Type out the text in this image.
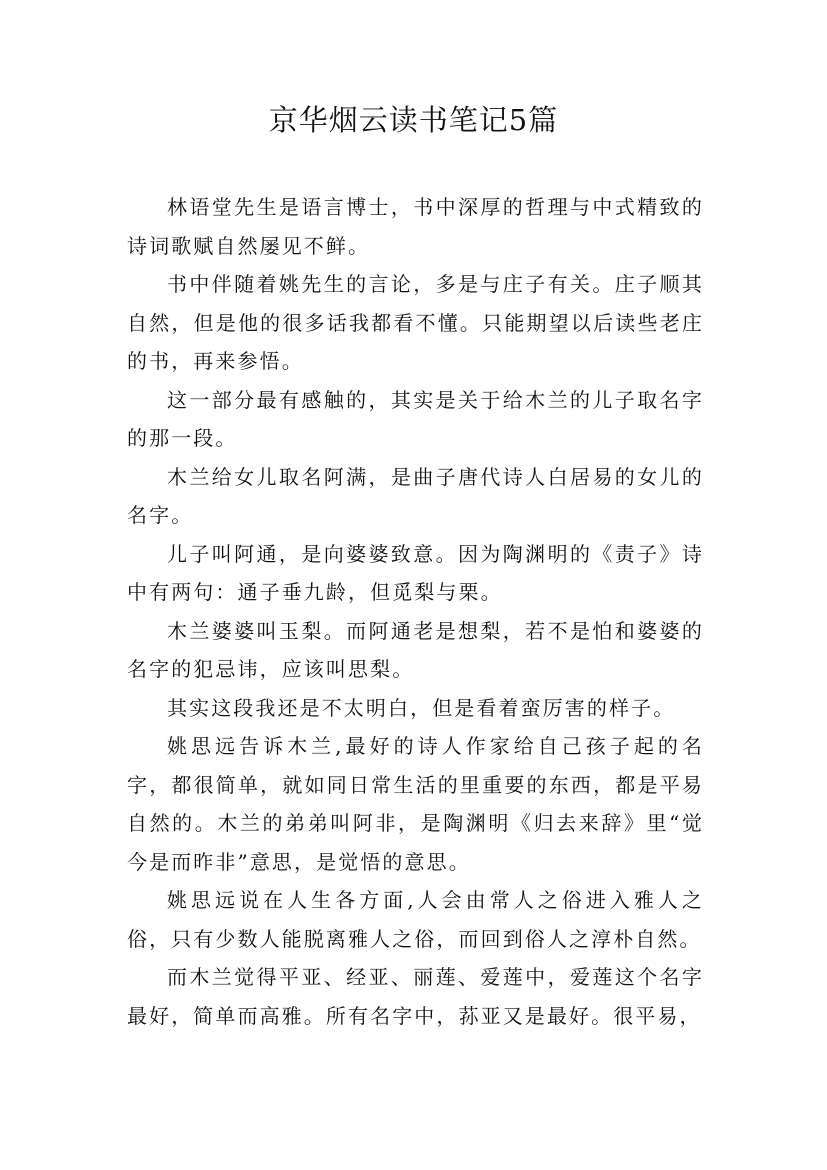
京华烟云读书笔记5篇

林语堂先生是语言博士，书中深厚的哲理与中式精致的诗词歌赋自然屡见不鲜。

书中伴随着姚先生的言论，多是与庄子有关。庄子顺其自然，但是他的很多话我都看不懂。只能期望以后读些老庄的书，再来参悟。

这一部分最有感触的，其实是关于给木兰的儿子取名字的那一段。

木兰给女儿取名阿满，是曲子唐代诗人白居易的女儿的名字。

儿子叫阿通，是向婆婆致意。因为陶渊明的《责子》诗中有两句：通子垂九龄，但觅梨与栗。

木兰婆婆叫玉梨。而阿通老是想梨，若不是怕和婆婆的名字的犯忌讳，应该叫思梨。

其实这段我还是不太明白，但是看着蛮厉害的样子。

姚思远告诉木兰,最好的诗人作家给自己孩子起的名字，都很简单，就如同日常生活的里重要的东西，都是平易自然的。木兰的弟弟叫阿非，是陶渊明《归去来辞》里“觉今是而昨非”意思，是觉悟的意思。

姚思远说在人生各方面,人会由常人之俗进入雅人之俗，只有少数人能脱离雅人之俗，而回到俗人之淳朴自然。

而木兰觉得平亚、经亚、丽莲、爱莲中，爱莲这个名字最好，简单而高雅。所有名字中，荪亚又是最好。很平易，
